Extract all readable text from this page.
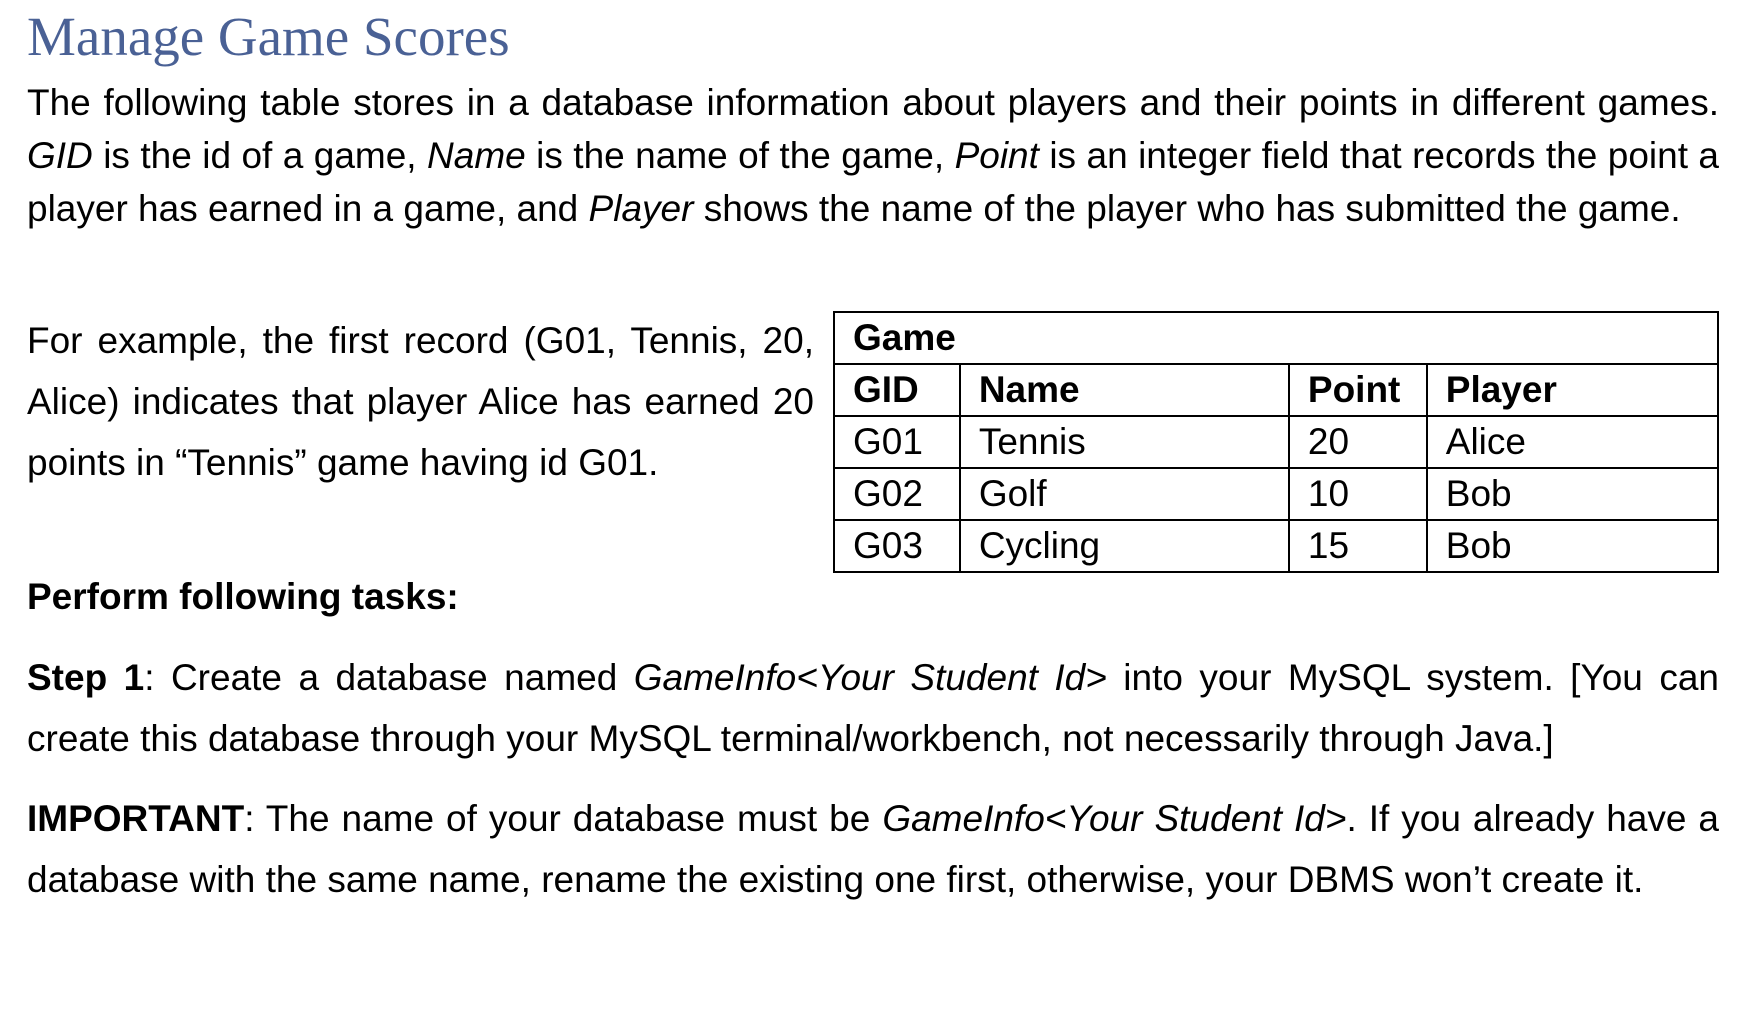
Manage Game Scores

The following table stores in a database information about players and their points in different games. GID is the id of a game, Name is the name of the game, Point is an integer field that records the point a player has earned in a game, and Player shows the name of the player who has submitted the game.

For example, the first record (G01, Tennis, 20, Alice) indicates that player Alice has earned 20 points in “Tennis” game having id G01.

Game			
GID	Name	Point	Player
G01	Tennis	20	Alice
G02	Golf	10	Bob
G03	Cycling	15	Bob

Perform following tasks:

Step 1: Create a database named GameInfo<Your Student Id> into your MySQL system. [You can create this database through your MySQL terminal/workbench, not necessarily through Java.]

IMPORTANT: The name of your database must be GameInfo<Your Student Id>. If you already have a database with the same name, rename the existing one first, otherwise, your DBMS won’t create it.
